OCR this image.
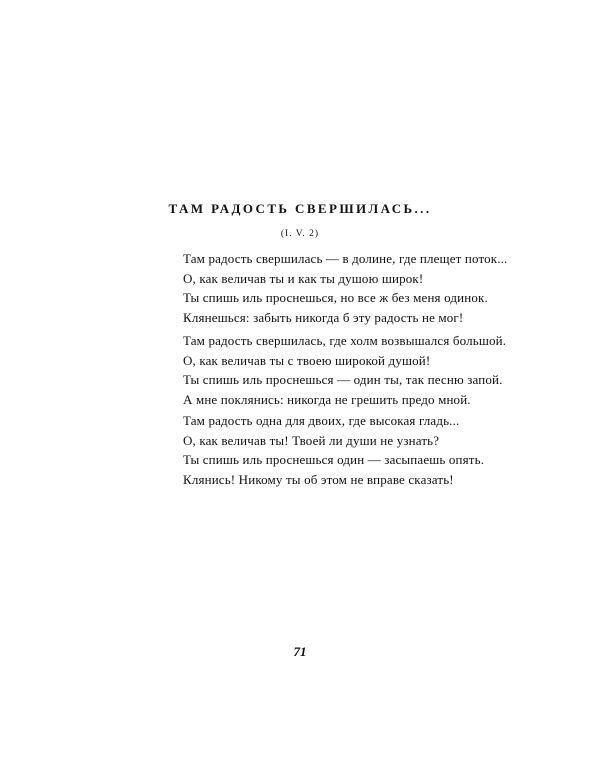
ТАМ РАДОСТЬ СВЕРШИЛАСЬ...
(I. V. 2)
Там радость свершилась — в долине, где плещет поток...
О, как величав ты и как ты душою широк!
Ты спишь иль проснешься, но все ж без меня одинок.
Клянешься: забыть никогда б эту радость не мог!
Там радость свершилась, где холм возвышался большой.
О, как величав ты с твоею широкой душой!
Ты спишь иль проснешься — один ты, так песню запой.
А мне поклянись: никогда не грешить предо мной.
Там радость одна для двоих, где высокая гладь...
О, как величав ты! Твоей ли души не узнать?
Ты спишь иль проснешься один — засыпаешь опять.
Клянись! Никому ты об этом не вправе сказать!
71
